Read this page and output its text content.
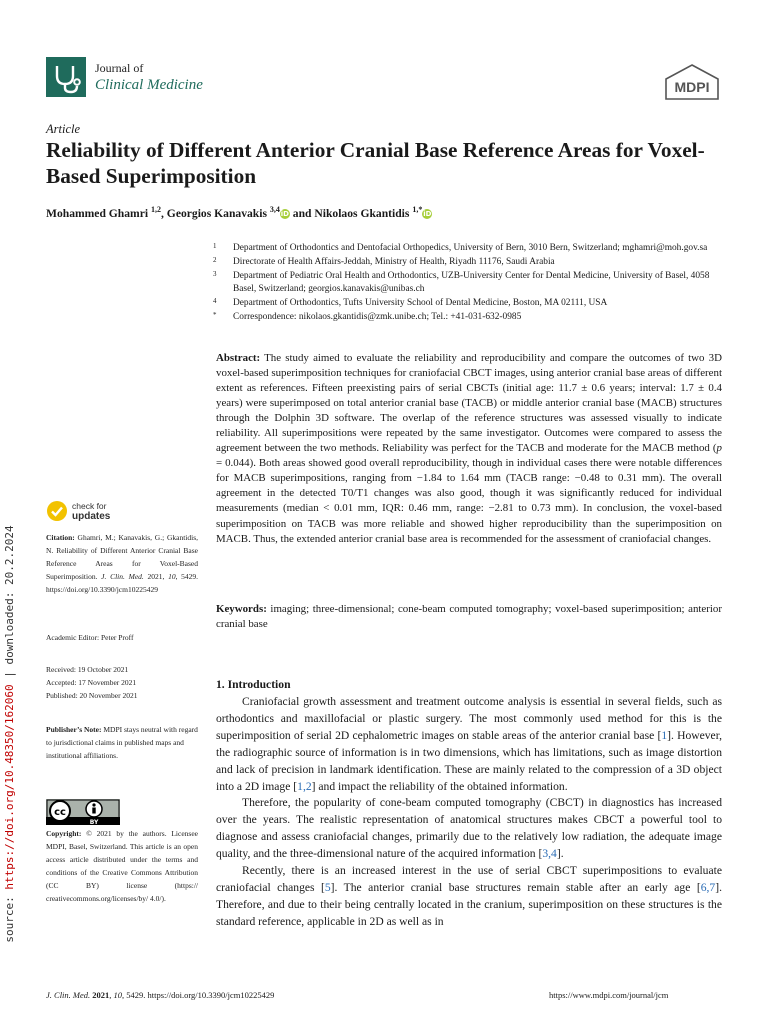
Journal of
Clinical Medicine	MDPI
Article
Reliability of Different Anterior Cranial Base Reference Areas for Voxel-Based Superimposition
Mohammed Ghamri $^{1,2}$, Georgios Kanavakis $^{3,4}$iD and Nikolaos Gkantidis $^{1,*}$iD
1 Department of Orthodontics and Dentofacial Orthopedics, University of Bern, 3010 Bern, Switzerland; mghamri@moh.gov.sa
2 Directorate of Health Affairs-Jeddah, Ministry of Health, Riyadh 11176, Saudi Arabia
3 Department of Pediatric Oral Health and Orthodontics, UZB-University Center for Dental Medicine, University of Basel, 4058 Basel, Switzerland; georgios.kanavakis@unibas.ch
4 Department of Orthodontics, Tufts University School of Dental Medicine, Boston, MA 02111, USA
* Correspondence: nikolaos.gkantidis@zmk.unibe.ch; Tel.: +41-031-632-0985

Abstract: The study aimed to evaluate the reliability and reproducibility and compare the outcomes of two 3D voxel-based superimposition techniques for craniofacial CBCT images, using anterior cranial base areas of different extent as references. Fifteen preexisting pairs of serial CBCTs (initial age: 11.7 ± 0.6 years; interval: 1.7 ± 0.4 years) were superimposed on total anterior cranial base (TACB) or middle anterior cranial base (MACB) structures through the Dolphin 3D software. The overlap of the reference structures was assessed visually to indicate reliability. All superimpositions were repeated by the same investigator. Outcomes were compared to assess the agreement between the two methods. Reliability was perfect for the TACB and moderate for the MACB method (p = 0.044). Both areas showed good overall reproducibility, though in individual cases there were notable differences for MACB superimpositions, ranging from −1.84 to 1.64 mm (TACB range: −0.48 to 0.31 mm). The overall agreement in the detected T0/T1 changes was also good, though it was significantly reduced for individual measurements (median < 0.01 mm, IQR: 0.46 mm, range: −2.81 to 0.73 mm). In conclusion, the voxel-based superimposition on TACB was more reliable and showed higher reproducibility than the superimposition on MACB. Thus, the extended anterior cranial base area is recommended for the assessment of craniofacial changes.

Keywords: imaging; three-dimensional; cone-beam computed tomography; voxel-based superimposition; anterior cranial base

check for
updates
Citation: Ghamri, M.; Kanavakis, G.; Gkantidis, N. Reliability of Different Anterior Cranial Base Reference Areas for Voxel-Based Superimposition. J. Clin. Med. 2021, 10, 5429. https://doi.org/10.3390/jcm10225429
Academic Editor: Peter Proff
Received: 19 October 2021
Accepted: 17 November 2021
Published: 20 November 2021
Publisher’s Note: MDPI stays neutral with regard to jurisdictional claims in published maps and institutional affiliations.
cc
BY
Copyright: © 2021 by the authors. Licensee MDPI, Basel, Switzerland. This article is an open access article distributed under the terms and conditions of the Creative Commons Attribution (CC BY) license (https:// creativecommons.org/licenses/by/ 4.0/).
1. Introduction

Craniofacial growth assessment and treatment outcome analysis is essential in several fields, such as orthodontics and maxillofacial or plastic surgery. The most commonly used method for this is the superimposition of serial 2D cephalometric images on stable areas of the anterior cranial base [1]. However, the radiographic source of information is in two dimensions, which has limitations, such as image distortion and lack of precision in landmark identification. These are mainly related to the compression of a 3D object into a 2D image [1,2] and impact the reliability of the obtained information.

Therefore, the popularity of cone-beam computed tomography (CBCT) in diagnostics has increased over the years. The realistic representation of anatomical structures makes CBCT a powerful tool to diagnose and assess craniofacial changes, primarily due to the relatively low radiation, the adequate image quality, and the three-dimensional nature of the acquired information [3,4].

Recently, there is an increased interest in the use of serial CBCT superimpositions to evaluate craniofacial changes [5]. The anterior cranial base structures remain stable after an early age [6,7]. Therefore, and due to their being centrally located in the cranium, superimposition on these structures is the standard reference, applicable in 2D as well as in

J. Clin. Med. 2021, 10, 5429. https://doi.org/10.3390/jcm10225429	https://www.mdpi.com/journal/jcm
source: https://doi.org/10.48350/162060 | downloaded: 20.2.2024
